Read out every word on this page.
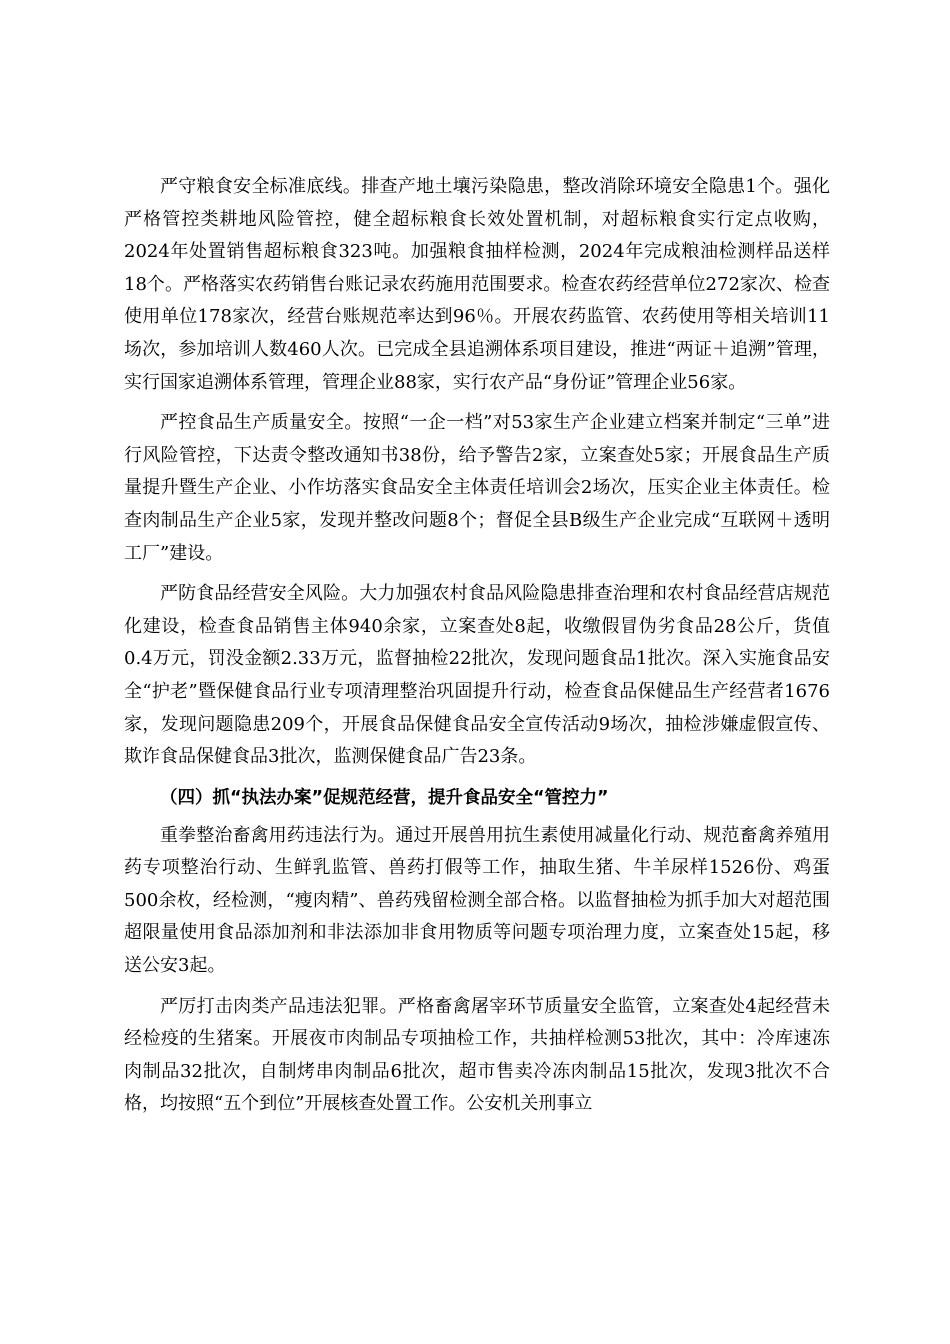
严守粮食安全标准底线。排查产地土壤污染隐患，整改消除环境安全隐患1个。强化严格管控类耕地风险管控，健全超标粮食长效处置机制，对超标粮食实行定点收购，2024年处置销售超标粮食323吨。加强粮食抽样检测，2024年完成粮油检测样品送样18个。严格落实农药销售台账记录农药施用范围要求。检查农药经营单位272家次、检查使用单位178家次，经营台账规范率达到96％。开展农药监管、农药使用等相关培训11场次，参加培训人数460人次。已完成全县追溯体系项目建设，推进“两证＋追溯”管理，实行国家追溯体系管理，管理企业88家，实行农产品“身份证”管理企业56家。

严控食品生产质量安全。按照“一企一档”对53家生产企业建立档案并制定“三单”进行风险管控，下达责令整改通知书38份，给予警告2家，立案查处5家；开展食品生产质量提升暨生产企业、小作坊落实食品安全主体责任培训会2场次，压实企业主体责任。检查肉制品生产企业5家，发现并整改问题8个；督促全县B级生产企业完成“互联网＋透明工厂”建设。

严防食品经营安全风险。大力加强农村食品风险隐患排查治理和农村食品经营店规范化建设，检查食品销售主体940余家，立案查处8起，收缴假冒伪劣食品28公斤，货值0.4万元，罚没金额2.33万元，监督抽检22批次，发现问题食品1批次。深入实施食品安全“护老”暨保健食品行业专项清理整治巩固提升行动，检查食品保健品生产经营者1676家，发现问题隐患209个，开展食品保健食品安全宣传活动9场次，抽检涉嫌虚假宣传、欺诈食品保健食品3批次，监测保健食品广告23条。

（四）抓“执法办案”促规范经营，提升食品安全“管控力”

重拳整治畜禽用药违法行为。通过开展兽用抗生素使用减量化行动、规范畜禽养殖用药专项整治行动、生鲜乳监管、兽药打假等工作，抽取生猪、牛羊尿样1526份、鸡蛋500余枚，经检测，“瘦肉精”、兽药残留检测全部合格。以监督抽检为抓手加大对超范围超限量使用食品添加剂和非法添加非食用物质等问题专项治理力度，立案查处15起，移送公安3起。

严厉打击肉类产品违法犯罪。严格畜禽屠宰环节质量安全监管，立案查处4起经营未经检疫的生猪案。开展夜市肉制品专项抽检工作，共抽样检测53批次，其中：冷库速冻肉制品32批次，自制烤串肉制品6批次，超市售卖冷冻肉制品15批次，发现3批次不合格，均按照“五个到位”开展核查处置工作。公安机关刑事立
